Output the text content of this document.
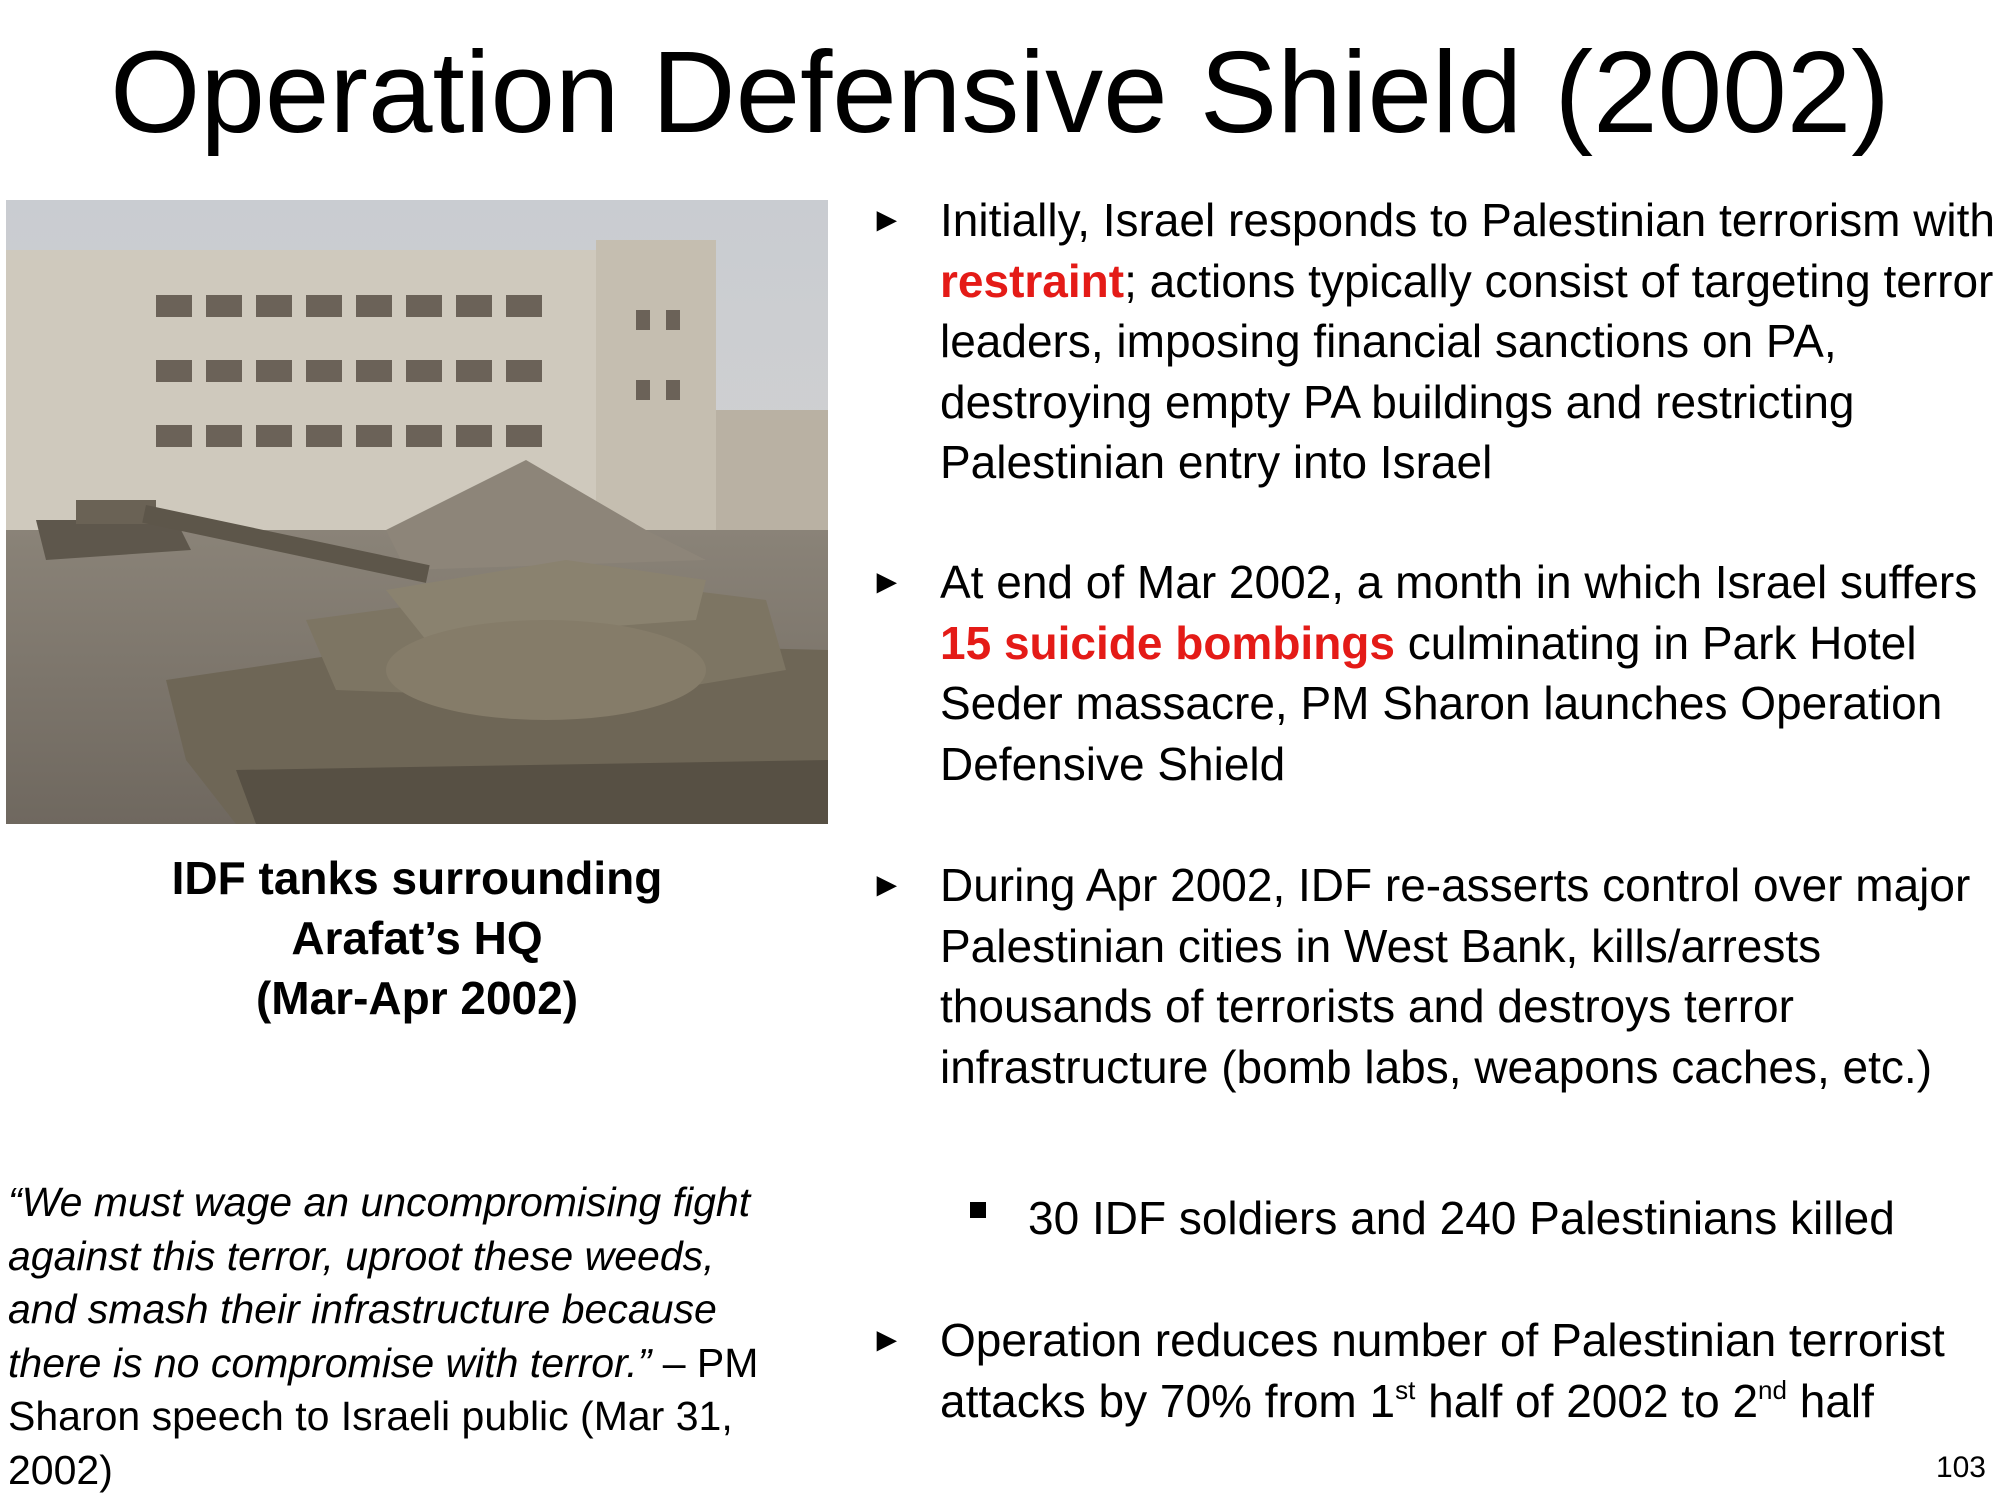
Operation Defensive Shield (2002)
IDF tanks surrounding
Arafat’s HQ
(Mar-Apr 2002)
“We must wage an uncompromising fight against this terror, uproot these weeds, and smash their infrastructure because there is no compromise with terror.” – PM Sharon speech to Israeli public (Mar 31, 2002)
► Initially, Israel responds to Palestinian terrorism with restraint; actions typically consist of targeting terror leaders, imposing financial sanctions on PA, destroying empty PA buildings and restricting Palestinian entry into Israel
► At end of Mar 2002, a month in which Israel suffers 15 suicide bombings culminating in Park Hotel Seder massacre, PM Sharon launches Operation Defensive Shield
► During Apr 2002, IDF re-asserts control over major Palestinian cities in West Bank, kills/arrests thousands of terrorists and destroys terror infrastructure (bomb labs, weapons caches, etc.)
► Operation reduces number of Palestinian terrorist attacks by 70% from 1st half of 2002 to 2nd half
30 IDF soldiers and 240 Palestinians killed
103
